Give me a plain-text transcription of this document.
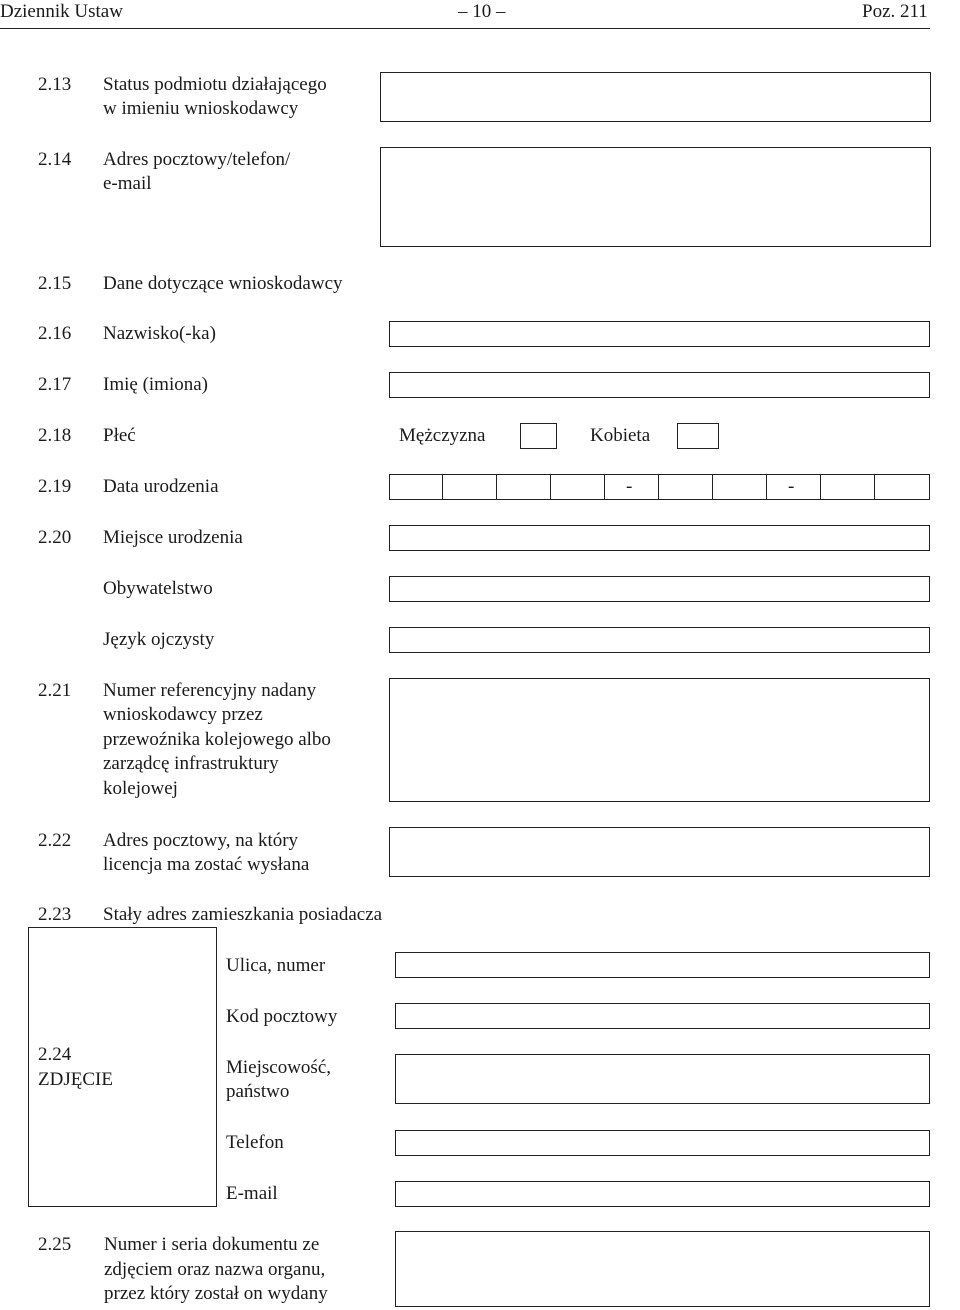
Dziennik Ustaw	– 10 –	Poz. 211
2.13 Status podmiotu działającego
w imieniu wnioskodawcy
2.14 Adres pocztowy/telefon/
e-mail
2.15 Dane dotyczące wnioskodawcy
2.16 Nazwisko(-ka)
2.17 Imię (imiona)
2.18 Płeć	Mężczyzna	Kobieta
2.19 Data urodzenia	-	-
2.20 Miejsce urodzenia
Obywatelstwo
Język ojczysty
2.21 Numer referencyjny nadany
wnioskodawcy przez
przewoźnika kolejowego albo
zarządcę infrastruktury
kolejowej
2.22 Adres pocztowy, na który
licencja ma zostać wysłana
2.23 Stały adres zamieszkania posiadacza
2.24
ZDJĘCIE
Ulica, numer
Kod pocztowy
Miejscowość,
państwo
Telefon
E-mail
2.25 Numer i seria dokumentu ze
zdjęciem oraz nazwa organu,
przez który został on wydany
